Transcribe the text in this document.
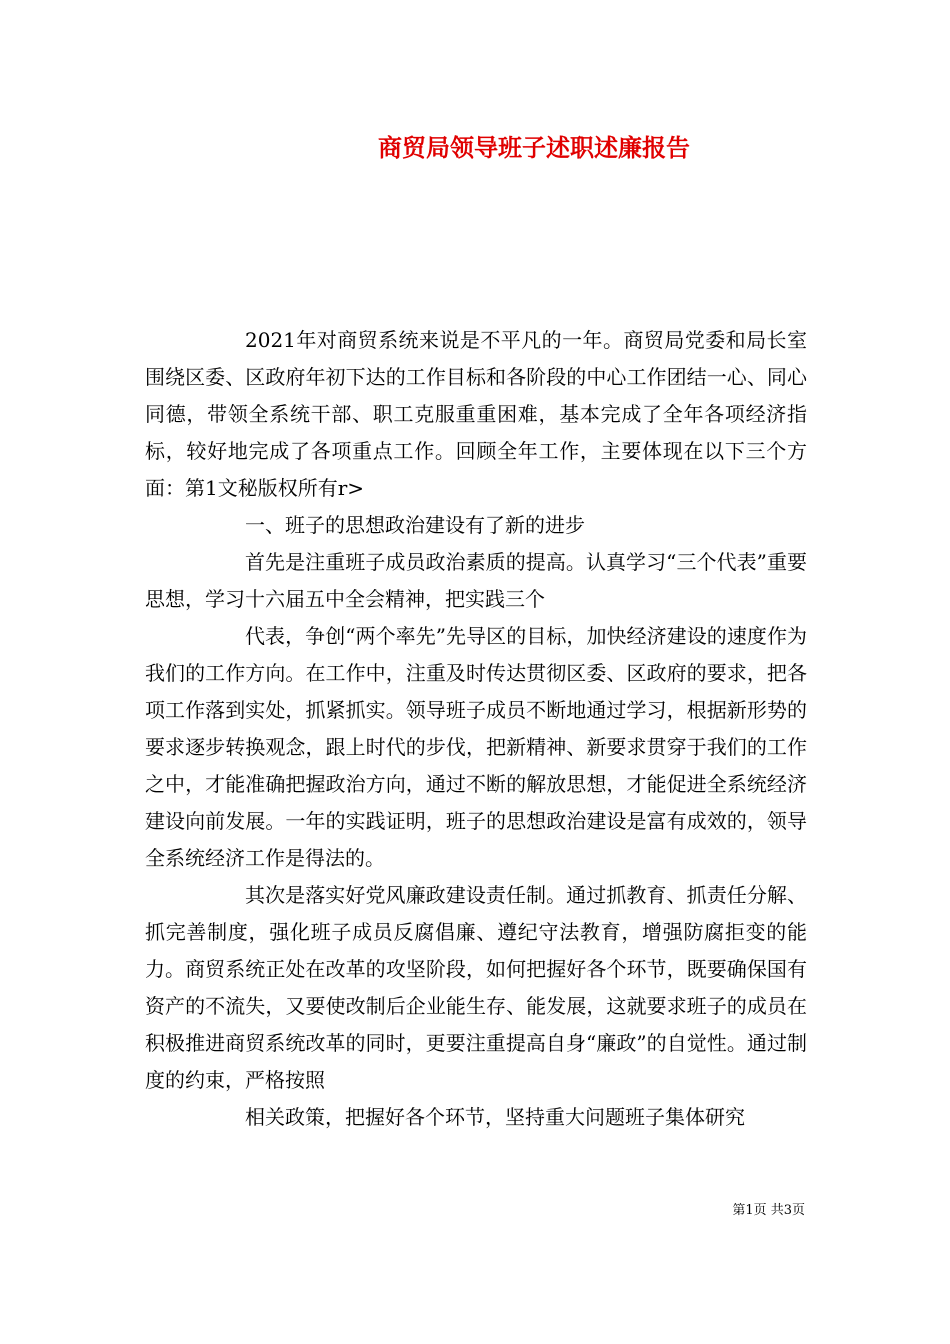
商贸局领导班子述职述廉报告

2021年对商贸系统来说是不平凡的一年。商贸局党委和局长室围绕区委、区政府年初下达的工作目标和各阶段的中心工作团结一心、同心同德，带领全系统干部、职工克服重重困难，基本完成了全年各项经济指标，较好地完成了各项重点工作。回顾全年工作，主要体现在以下三个方面：第1文秘版权所有r>

一、班子的思想政治建设有了新的进步

首先是注重班子成员政治素质的提高。认真学习“三个代表”重要思想，学习十六届五中全会精神，把实践三个

代表，争创“两个率先”先导区的目标，加快经济建设的速度作为我们的工作方向。在工作中，注重及时传达贯彻区委、区政府的要求，把各项工作落到实处，抓紧抓实。领导班子成员不断地通过学习，根据新形势的要求逐步转换观念，跟上时代的步伐，把新精神、新要求贯穿于我们的工作之中，才能准确把握政治方向，通过不断的解放思想，才能促进全系统经济建设向前发展。一年的实践证明，班子的思想政治建设是富有成效的，领导全系统经济工作是得法的。

其次是落实好党风廉政建设责任制。通过抓教育、抓责任分解、抓完善制度，强化班子成员反腐倡廉、遵纪守法教育，增强防腐拒变的能力。商贸系统正处在改革的攻坚阶段，如何把握好各个环节，既要确保国有资产的不流失，又要使改制后企业能生存、能发展，这就要求班子的成员在积极推进商贸系统改革的同时，更要注重提高自身“廉政”的自觉性。通过制度的约束，严格按照

相关政策，把握好各个环节，坚持重大问题班子集体研究

第1页 共3页
